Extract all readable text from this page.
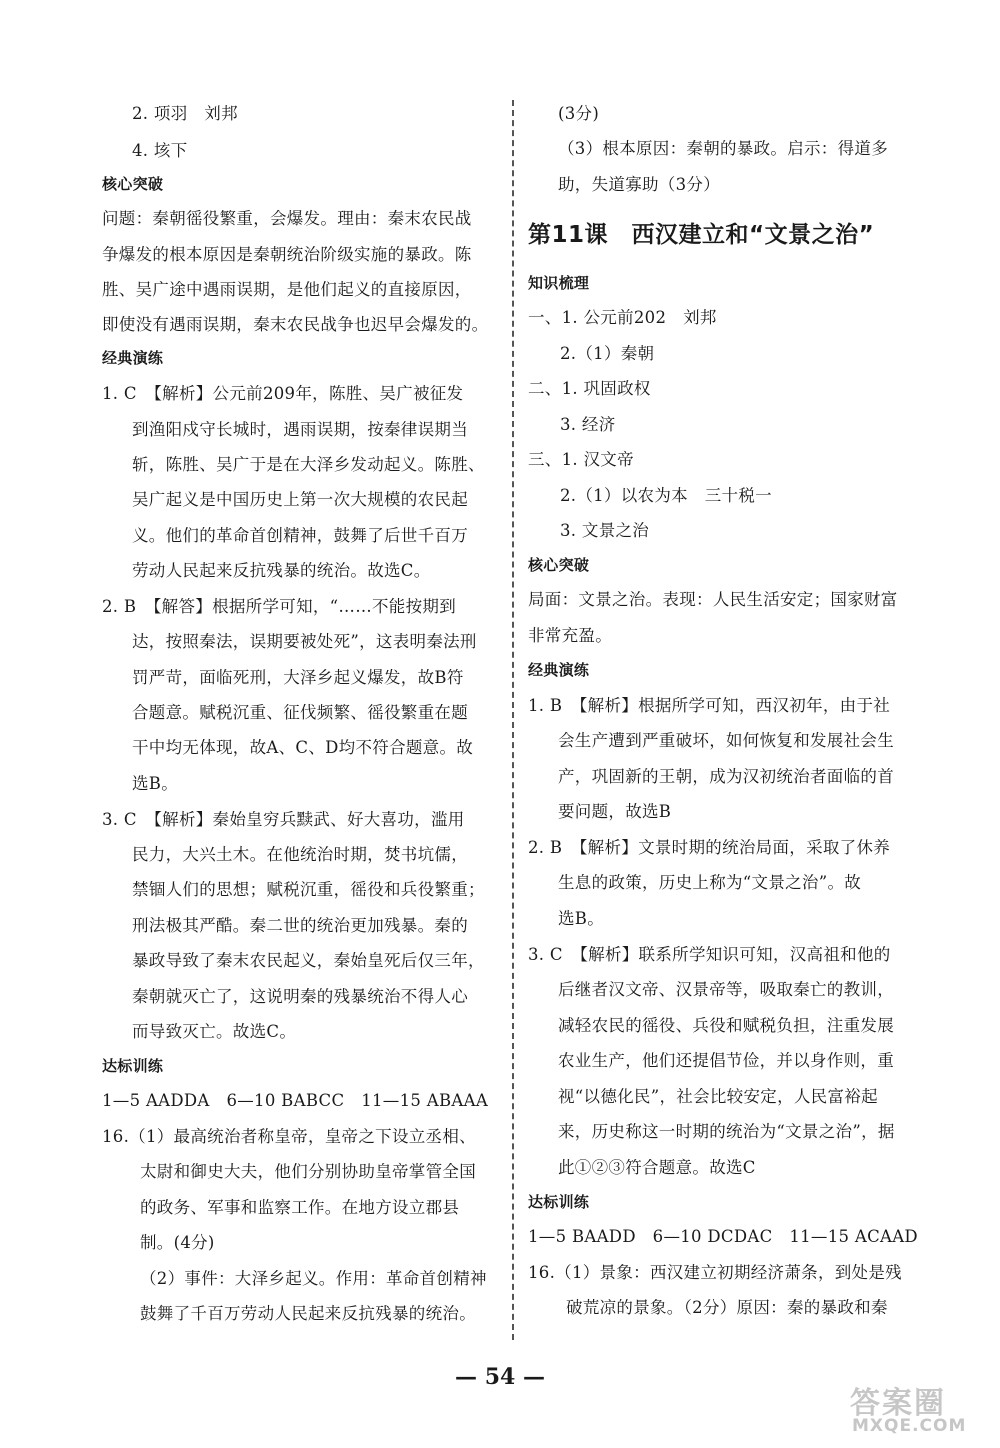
2. 项羽　刘邦
4. 垓下
核心突破
问题：秦朝徭役繁重，会爆发。理由：秦末农民战
争爆发的根本原因是秦朝统治阶级实施的暴政。陈
胜、吴广途中遇雨误期，是他们起义的直接原因，
即使没有遇雨误期，秦末农民战争也迟早会爆发的。
经典演练
1. C　【解析】公元前209年，陈胜、吴广被征发
到渔阳戍守长城时，遇雨误期，按秦律误期当
斩，陈胜、吴广于是在大泽乡发动起义。陈胜、
吴广起义是中国历史上第一次大规模的农民起
义。他们的革命首创精神，鼓舞了后世千百万
劳动人民起来反抗残暴的统治。故选C。
2. B　【解答】根据所学可知，“……不能按期到
达，按照秦法，误期要被处死”，这表明秦法刑
罚严苛，面临死刑，大泽乡起义爆发，故B符
合题意。赋税沉重、征伐频繁、徭役繁重在题
干中均无体现，故A、C、D均不符合题意。故
选B。
3. C　【解析】秦始皇穷兵黩武、好大喜功，滥用
民力，大兴土木。在他统治时期，焚书坑儒，
禁锢人们的思想；赋税沉重，徭役和兵役繁重；
刑法极其严酷。秦二世的统治更加残暴。秦的
暴政导致了秦末农民起义，秦始皇死后仅三年，
秦朝就灭亡了，这说明秦的残暴统治不得人心
而导致灭亡。故选C。
达标训练
1—5 AADDA　6—10 BABCC　11—15 ABAAA
16.（1）最高统治者称皇帝，皇帝之下设立丞相、
太尉和御史大夫，他们分别协助皇帝掌管全国
的政务、军事和监察工作。在地方设立郡县
制。(4分)
（2）事件：大泽乡起义。作用：革命首创精神
鼓舞了千百万劳动人民起来反抗残暴的统治。
(3分)
（3）根本原因：秦朝的暴政。启示：得道多
助，失道寡助（3分）
第11课　西汉建立和“文景之治”
知识梳理
一、1. 公元前202　刘邦
2.（1）秦朝
二、1. 巩固政权
3. 经济
三、1. 汉文帝
2.（1）以农为本　三十税一
3. 文景之治
核心突破
局面：文景之治。表现：人民生活安定；国家财富
非常充盈。
经典演练
1. B　【解析】根据所学可知，西汉初年，由于社
会生产遭到严重破坏，如何恢复和发展社会生
产，巩固新的王朝，成为汉初统治者面临的首
要问题，故选B
2. B　【解析】文景时期的统治局面，采取了休养
生息的政策，历史上称为“文景之治”。故
选B。
3. C　【解析】联系所学知识可知，汉高祖和他的
后继者汉文帝、汉景帝等，吸取秦亡的教训，
减轻农民的徭役、兵役和赋税负担，注重发展
农业生产，他们还提倡节俭，并以身作则，重
视“以德化民”，社会比较安定，人民富裕起
来，历史称这一时期的统治为“文景之治”，据
此①②③符合题意。故选C
达标训练
1—5 BAADD　6—10 DCDAC　11—15 ACAAD
16.（1）景象：西汉建立初期经济萧条，到处是残
破荒凉的景象。（2分）原因：秦的暴政和秦
— 54 —
答案圈
MXQE.COM
